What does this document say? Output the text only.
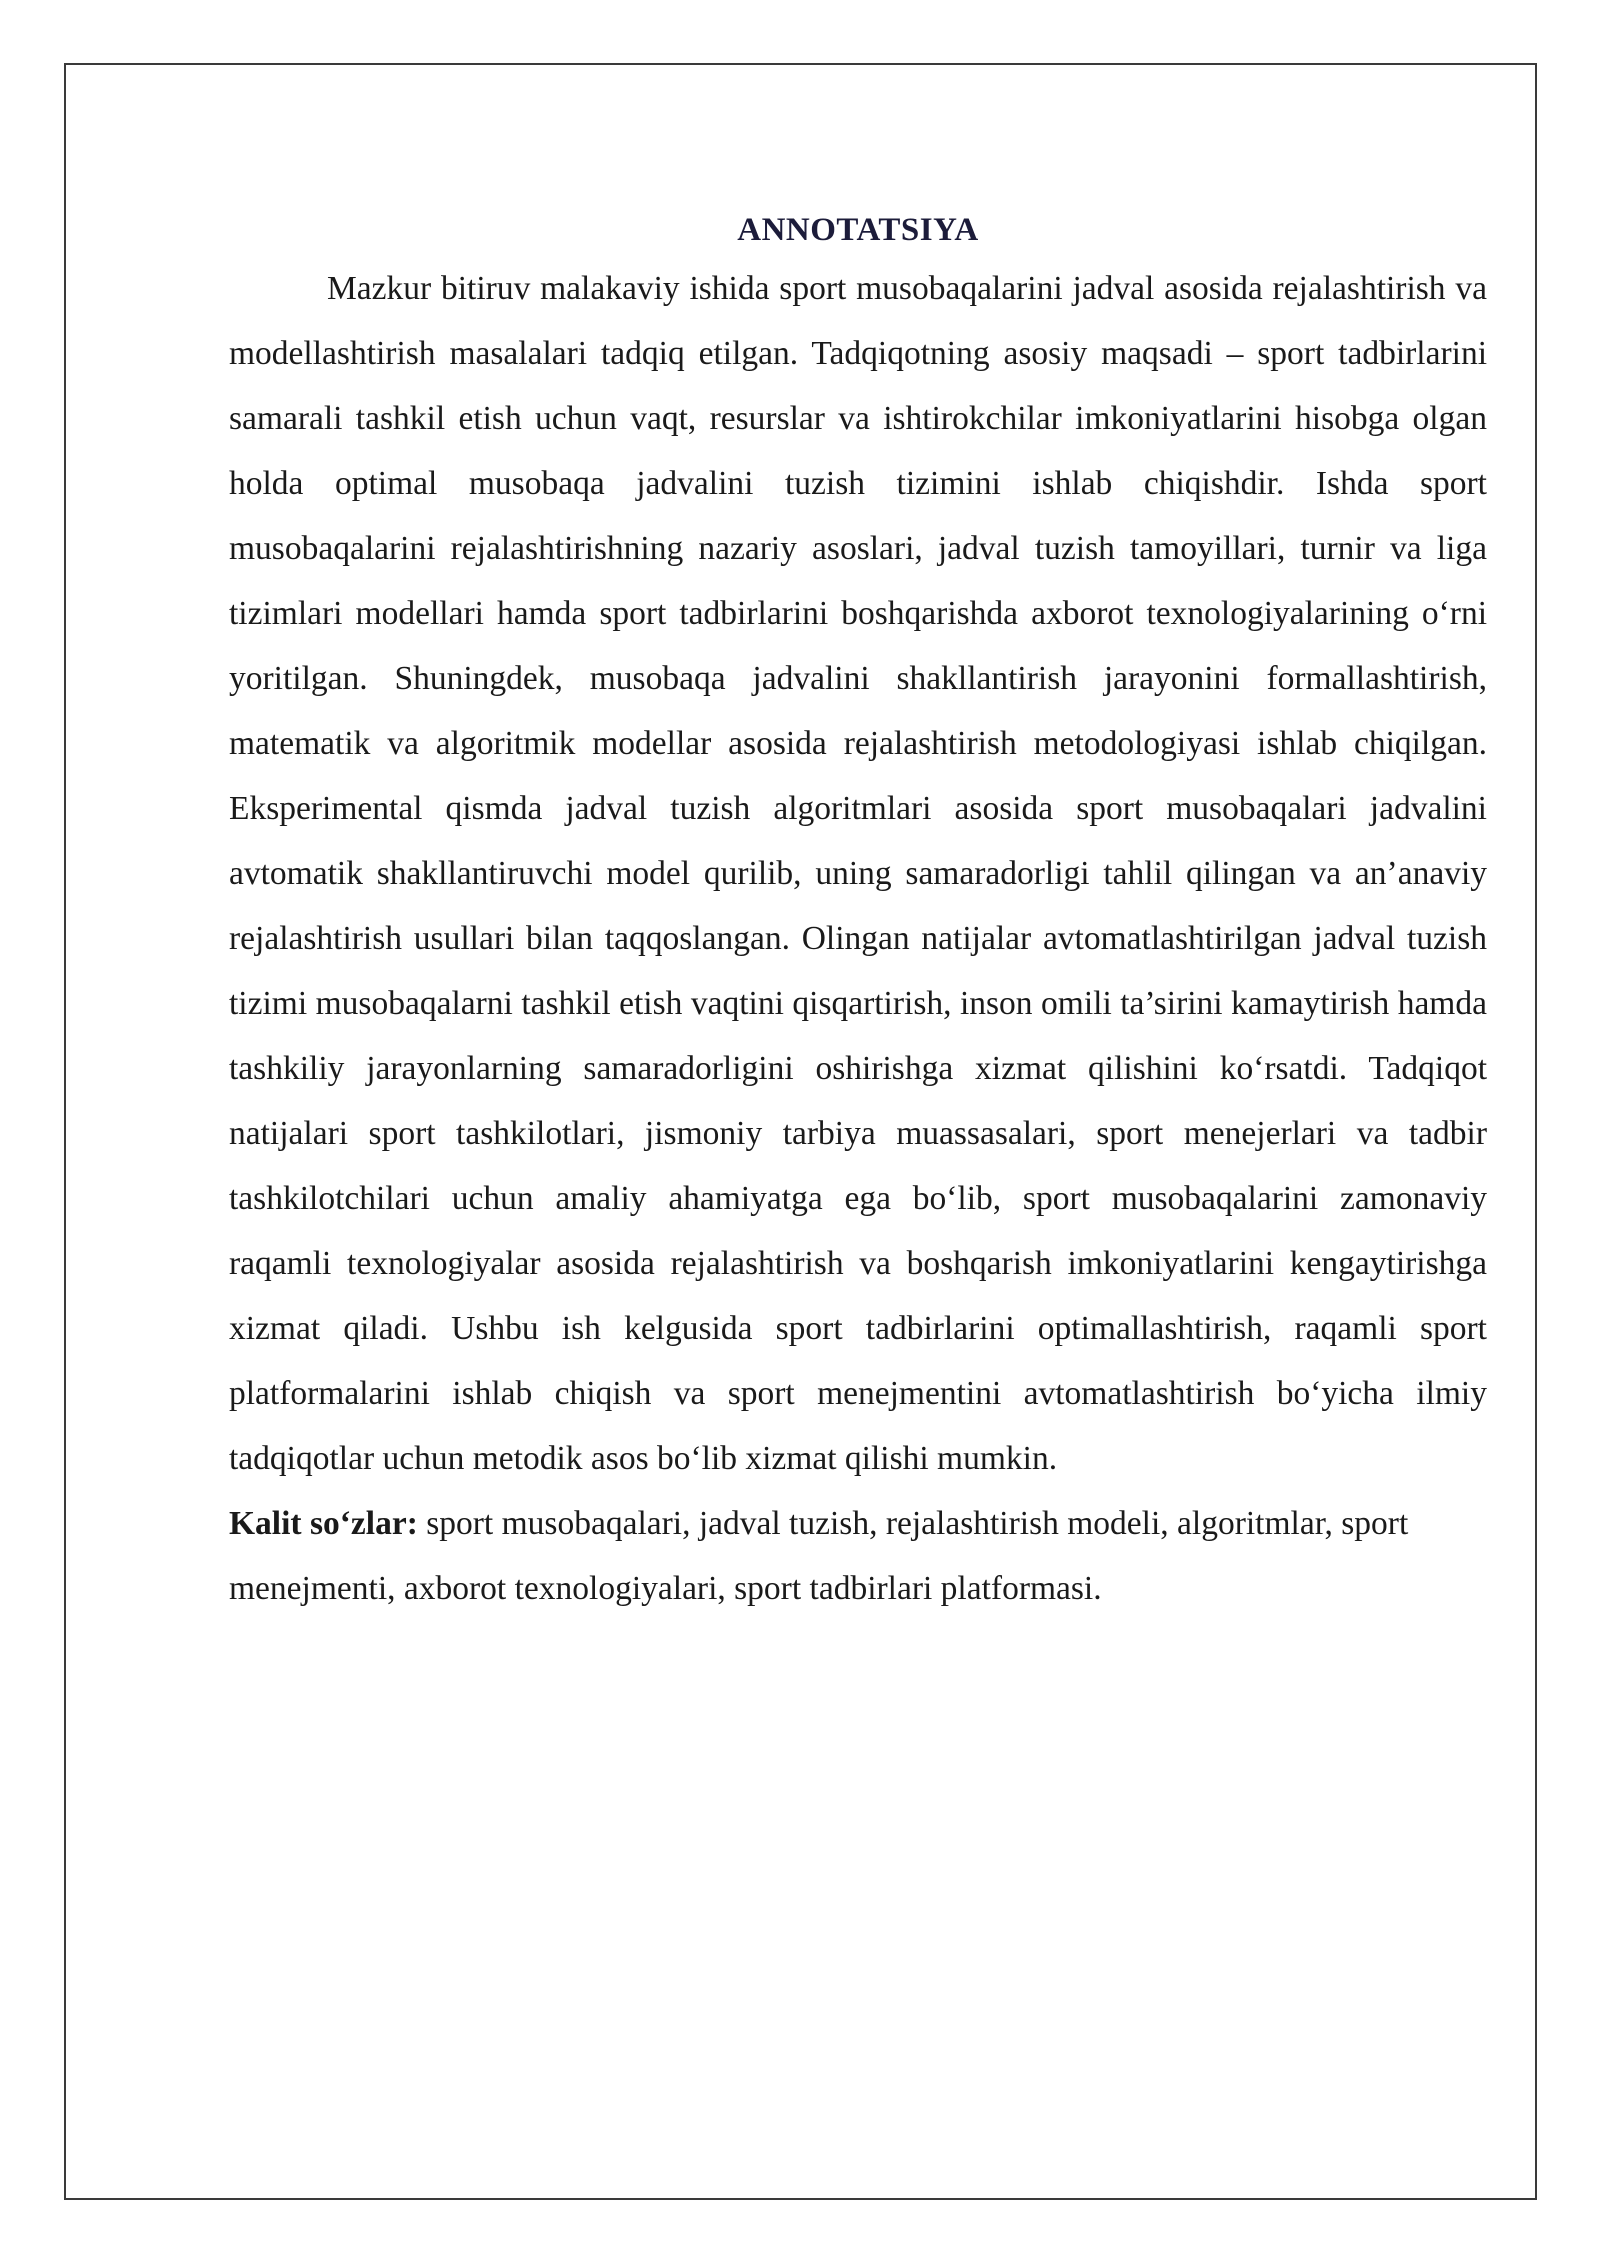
ANNOTATSIYA

Mazkur bitiruv malakaviy ishida sport musobaqalarini jadval asosida rejalashtirish va modellashtirish masalalari tadqiq etilgan. Tadqiqotning asosiy maqsadi – sport tadbirlarini samarali tashkil etish uchun vaqt, resurslar va ishtirokchilar imkoniyatlarini hisobga olgan holda optimal musobaqa jadvalini tuzish tizimini ishlab chiqishdir. Ishda sport musobaqalarini rejalashtirishning nazariy asoslari, jadval tuzish tamoyillari, turnir va liga tizimlari modellari hamda sport tadbirlarini boshqarishda axborot texnologiyalarining o‘rni yoritilgan. Shuningdek, musobaqa jadvalini shakllantirish jarayonini formallashtirish, matematik va algoritmik modellar asosida rejalashtirish metodologiyasi ishlab chiqilgan. Eksperimental qismda jadval tuzish algoritmlari asosida sport musobaqalari jadvalini avtomatik shakllantiruvchi model qurilib, uning samaradorligi tahlil qilingan va an’anaviy rejalashtirish usullari bilan taqqoslangan. Olingan natijalar avtomatlashtirilgan jadval tuzish tizimi musobaqalarni tashkil etish vaqtini qisqartirish, inson omili ta’sirini kamaytirish hamda tashkiliy jarayonlarning samaradorligini oshirishga xizmat qilishini ko‘rsatdi. Tadqiqot natijalari sport tashkilotlari, jismoniy tarbiya muassasalari, sport menejerlari va tadbir tashkilotchilari uchun amaliy ahamiyatga ega bo‘lib, sport musobaqalarini zamonaviy raqamli texnologiyalar asosida rejalashtirish va boshqarish imkoniyatlarini kengaytirishga xizmat qiladi. Ushbu ish kelgusida sport tadbirlarini optimallashtirish, raqamli sport platformalarini ishlab chiqish va sport menejmentini avtomatlashtirish bo‘yicha ilmiy tadqiqotlar uchun metodik asos bo‘lib xizmat qilishi mumkin.

Kalit so‘zlar: sport musobaqalari, jadval tuzish, rejalashtirish modeli, algoritmlar, sport menejmenti, axborot texnologiyalari, sport tadbirlari platformasi.
